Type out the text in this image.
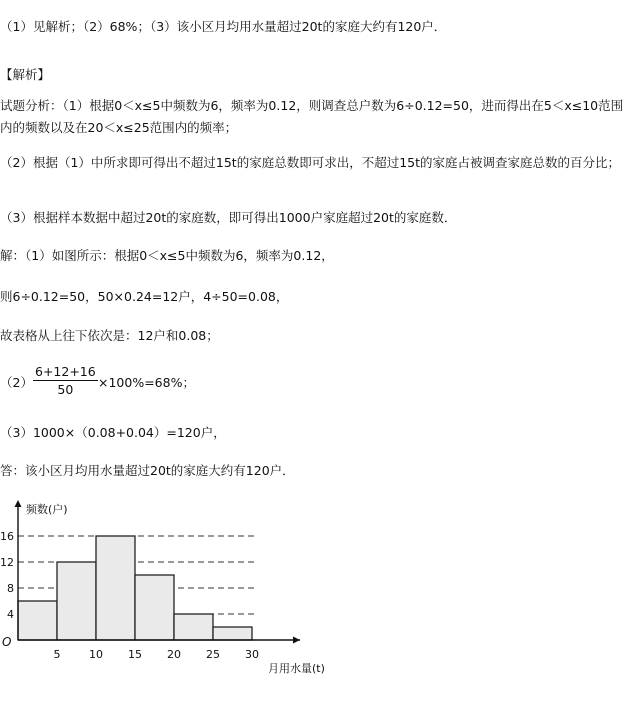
（1）见解析；（2）68%；（3）该小区月均用水量超过20t的家庭大约有120户．
【解析】
试题分析：（1）根据0＜x≤5中频数为6，频率为0.12，则调查总户数为6÷0.12=50，进而得出在5＜x≤10范围内的频数以及在20＜x≤25范围内的频率；
（2）根据（1）中所求即可得出不超过15t的家庭总数即可求出，不超过15t的家庭占被调查家庭总数的百分比；
（3）根据样本数据中超过20t的家庭数，即可得出1000户家庭超过20t的家庭数．
解：（1）如图所示：根据0＜x≤5中频数为6，频率为0.12，
则6÷0.12=50，50×0.24=12户，4÷50=0.08，
故表格从上往下依次是：12户和0.08；
$(2) \frac{6+12+16}{50} \times 100\%=68\%$；
（3）1000×（0.08+0.04）=120户，
答：该小区月均用水量超过20t的家庭大约有120户．
4
8
12
16
5	10 15 20 25 30
O
频数(户)
月用水量(t)
